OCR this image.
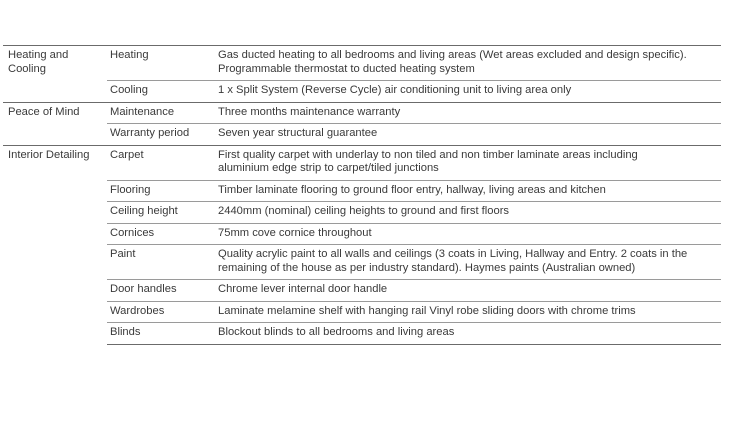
Heating and
Cooling	Heating	Gas ducted heating to all bedrooms and living areas (Wet areas excluded and design specific).
Programmable thermostat to ducted heating system

	Cooling	1 x Split System (Reverse Cycle) air conditioning unit to living area only

Peace of Mind	Maintenance	Three months maintenance warranty

	Warranty period	Seven year structural guarantee

Interior Detailing	Carpet	First quality carpet with underlay to non tiled and non timber laminate areas including
aluminium edge strip to carpet/tiled junctions

	Flooring	Timber laminate flooring to ground floor entry, hallway, living areas and kitchen

	Ceiling height	2440mm (nominal) ceiling heights to ground and first floors

	Cornices	75mm cove cornice throughout

	Paint	Quality acrylic paint to all walls and ceilings (3 coats in Living, Hallway and Entry. 2 coats in the
remaining of the house as per industry standard). Haymes paints (Australian owned)

	Door handles	Chrome lever internal door handle

	Wardrobes	Laminate melamine shelf with hanging rail Vinyl robe sliding doors with chrome trims

	Blinds	Blockout blinds to all bedrooms and living areas
